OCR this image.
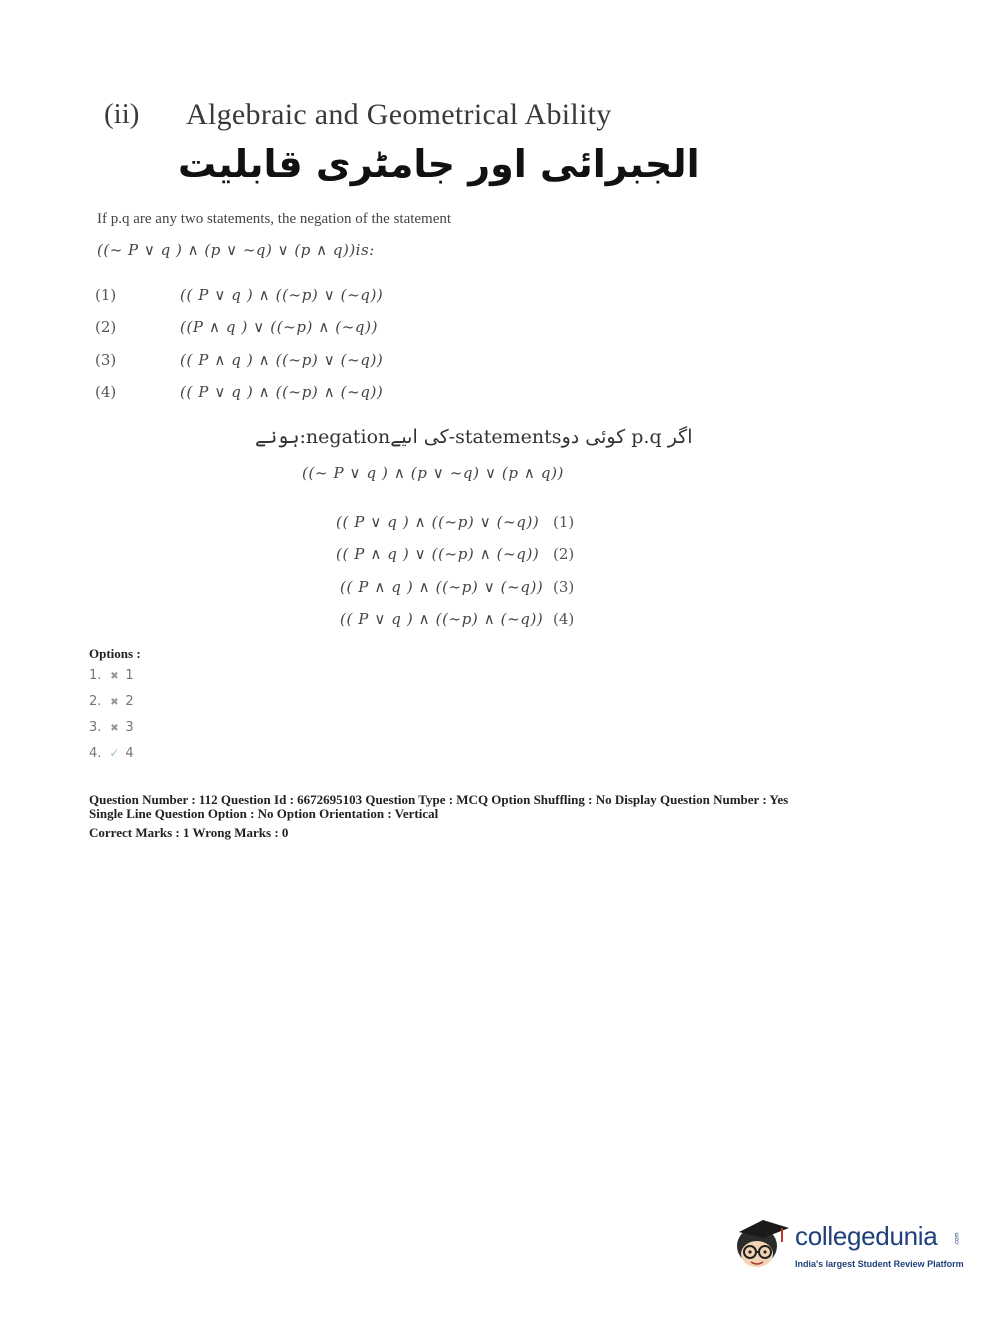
(ii) Algebraic and Geometrical Ability
الجبرائی اور جامٹری قابلیت
If p.q are any two statements, the negation of the statement
((~ P ∨ q ) ∧ (p ∨ ~q) ∨ (p ∧ q))is:
(1)	(( P ∨ q ) ∧ ((~p) ∨ (~q))
(2)	((P ∧ q ) ∨ ((~p) ∧ (~q))
(3)	(( P ∧ q ) ∧ ((~p) ∨ (~q))
(4)	(( P ∨ q ) ∧ ((~p) ∧ (~q))
ہونے:negationکی اںیے-statementsکوئی دو p.q اگر
((~ P ∨ q ) ∧ (p ∨ ~q) ∨ (p ∧ q))
(( P ∨ q ) ∧ ((~p) ∨ (~q)) (1)
(( P ∧ q ) ∨ ((~p) ∧ (~q)) (2)
(( P ∧ q ) ∧ ((~p) ∨ (~q)) (3)
(( P ∨ q ) ∧ ((~p) ∧ (~q)) (4)
Options :
1. ✖ 1
2. ✖ 2
3. ✖ 3
4. ✓ 4
Question Number : 112 Question Id : 6672695103 Question Type : MCQ Option Shuffling : No Display Question Number : Yes
Single Line Question Option : No Option Orientation : Vertical
Correct Marks : 1 Wrong Marks : 0
collegedunia	.com
India's largest Student Review Platform
